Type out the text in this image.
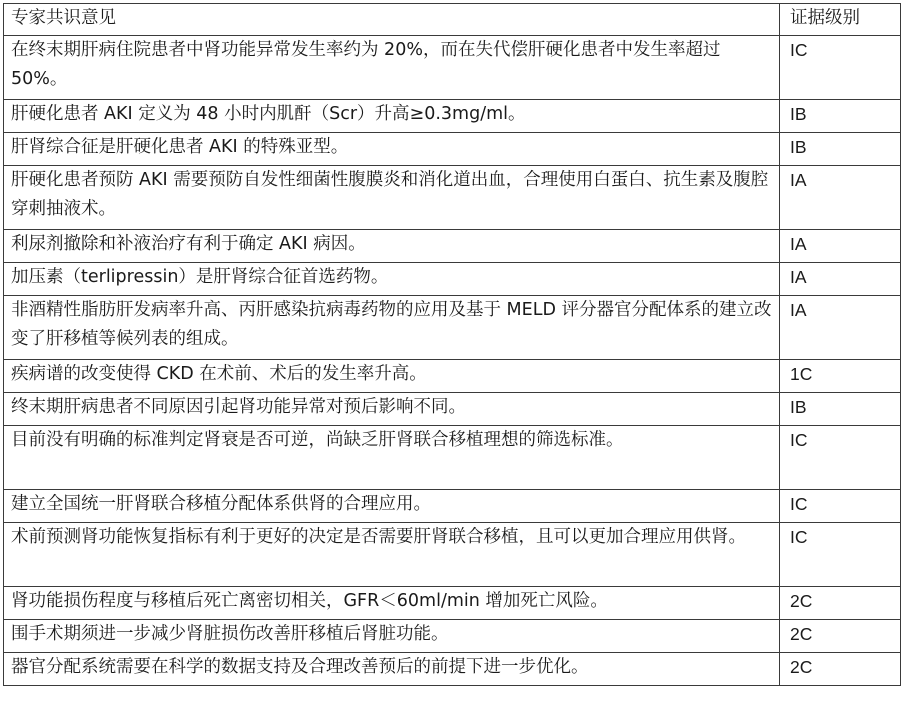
专家共识意见	证据级别
在终末期肝病住院患者中肾功能异常发生率约为 20%，而在失代偿肝硬化患者中发生率超过 50%。	IC
肝硬化患者 AKI 定义为 48 小时内肌酐（Scr）升高≥0.3mg/ml。	IB
肝肾综合征是肝硬化患者 AKI 的特殊亚型。	IB
肝硬化患者预防 AKI 需要预防自发性细菌性腹膜炎和消化道出血，合理使用白蛋白、抗生素及腹腔穿刺抽液术。	IA
利尿剂撤除和补液治疗有利于确定 AKI 病因。	IA
加压素（terlipressin）是肝肾综合征首选药物。	IA
非酒精性脂肪肝发病率升高、丙肝感染抗病毒药物的应用及基于 MELD 评分器官分配体系的建立改变了肝移植等候列表的组成。	IA
疾病谱的改变使得 CKD 在术前、术后的发生率升高。	1C
终末期肝病患者不同原因引起肾功能异常对预后影响不同。	IB
目前没有明确的标准判定肾衰是否可逆，尚缺乏肝肾联合移植理想的筛选标准。	IC
建立全国统一肝肾联合移植分配体系供肾的合理应用。	IC
术前预测肾功能恢复指标有利于更好的决定是否需要肝肾联合移植，且可以更加合理应用供肾。	IC
肾功能损伤程度与移植后死亡离密切相关，GFR＜60ml/min 增加死亡风险。	2C
围手术期须进一步减少肾脏损伤改善肝移植后肾脏功能。	2C
器官分配系统需要在科学的数据支持及合理改善预后的前提下进一步优化。	2C
